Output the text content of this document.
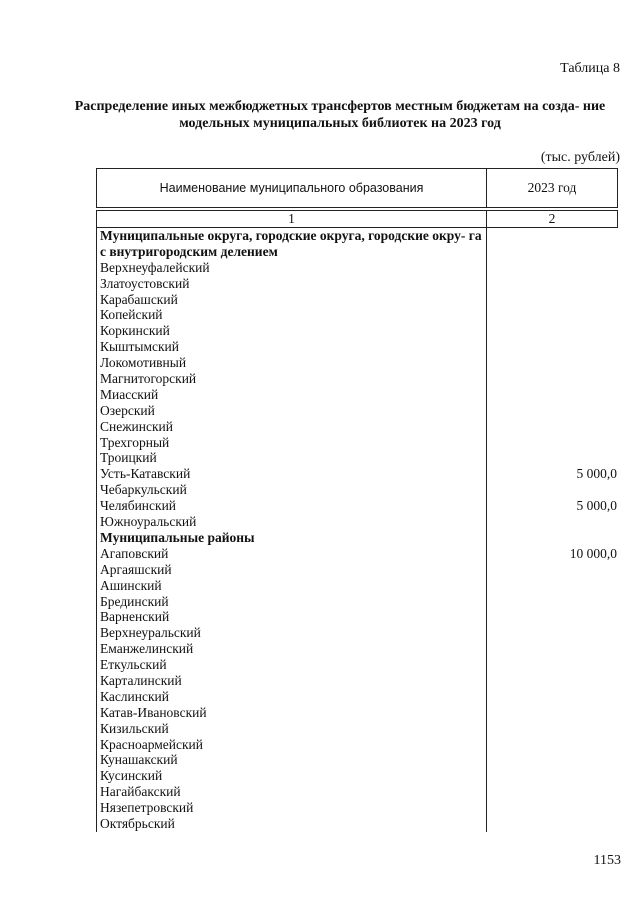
Таблица 8
Распределение иных межбюджетных трансфертов местным бюджетам на созда- ние модельных муниципальных библиотек на 2023 год
(тыс. рублей)
Наименование муниципального образования	2023 год
1	2
Муниципальные округа, городские округа, городские окру- га с внутригородским делением
Верхнеуфалейский
Златоустовский
Карабашский
Копейский
Коркинский
Кыштымский
Локомотивный
Магнитогорский
Миасский
Озерский
Снежинский
Трехгорный
Троицкий
Усть-Катавский	5 000,0
Чебаркульский
Челябинский	5 000,0
Южноуральский
Муниципальные районы
Агаповский	10 000,0
Аргаяшский
Ашинский
Брединский
Варненский
Верхнеуральский
Еманжелинский
Еткульский
Карталинский
Каслинский
Катав-Ивановский
Кизильский
Красноармейский
Кунашакский
Кусинский
Нагайбакский
Нязепетровский
Октябрьский
1153
